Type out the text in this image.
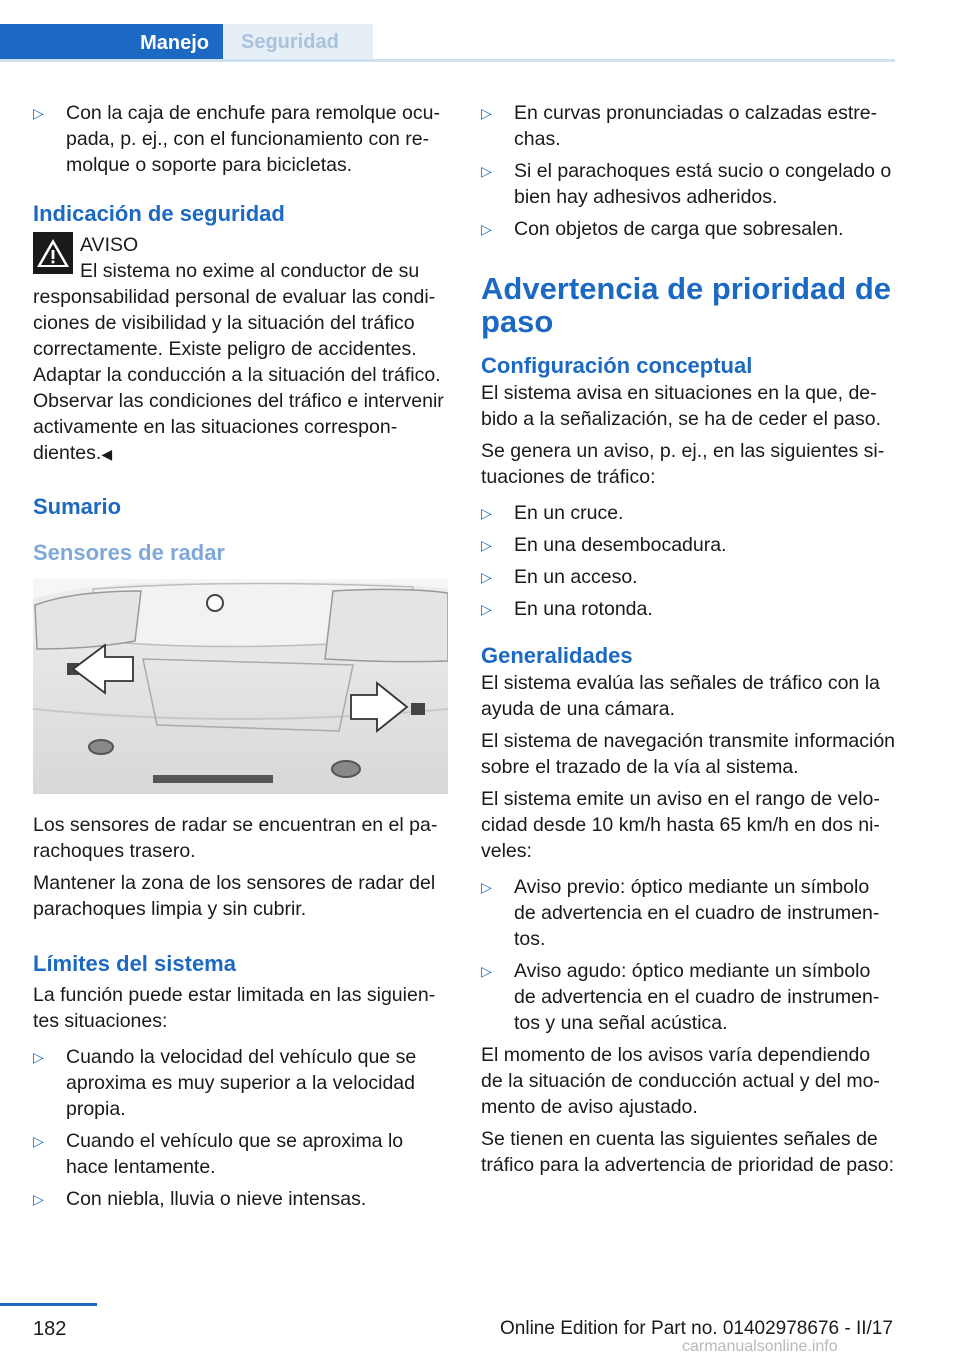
Manejo	Seguridad
▷ Con la caja de enchufe para remolque ocupada, p. ej., con el funcionamiento con remolque o soporte para bicicletas.
Indicación de seguridad
AVISO
El sistema no exime al conductor de su

responsabilidad personal de evaluar las condiciones de visibilidad y la situación del tráfico correctamente. Existe peligro de accidentes. Adaptar la conducción a la situación del tráfico. Observar las condiciones del tráfico e intervenir activamente en las situaciones correspondientes.◀

Sumario
Sensores de radar

Los sensores de radar se encuentran en el parachoques trasero.

Mantener la zona de los sensores de radar del parachoques limpia y sin cubrir.

Límites del sistema

La función puede estar limitada en las siguientes situaciones:

▷ Cuando la velocidad del vehículo que se aproxima es muy superior a la velocidad propia.
▷ Cuando el vehículo que se aproxima lo hace lentamente.
▷ Con niebla, lluvia o nieve intensas.
▷ En curvas pronunciadas o calzadas estrechas.
▷ Si el parachoques está sucio o congelado o bien hay adhesivos adheridos.
▷ Con objetos de carga que sobresalen.
Advertencia de prioridad de paso
Configuración conceptual

El sistema avisa en situaciones en la que, debido a la señalización, se ha de ceder el paso.

Se genera un aviso, p. ej., en las siguientes situaciones de tráfico:

▷ En un cruce.
▷ En una desembocadura.
▷ En un acceso.
▷ En una rotonda.
Generalidades

El sistema evalúa las señales de tráfico con la ayuda de una cámara.

El sistema de navegación transmite información sobre el trazado de la vía al sistema.

El sistema emite un aviso en el rango de velocidad desde 10 km/h hasta 65 km/h en dos niveles:

▷ Aviso previo: óptico mediante un símbolo de advertencia en el cuadro de instrumentos.
▷ Aviso agudo: óptico mediante un símbolo de advertencia en el cuadro de instrumentos y una señal acústica.

El momento de los avisos varía dependiendo de la situación de conducción actual y del momento de aviso ajustado.

Se tienen en cuenta las siguientes señales de tráfico para la advertencia de prioridad de paso:

182	Online Edition for Part no. 01402978676 - II/17
carmanualsonline.info
